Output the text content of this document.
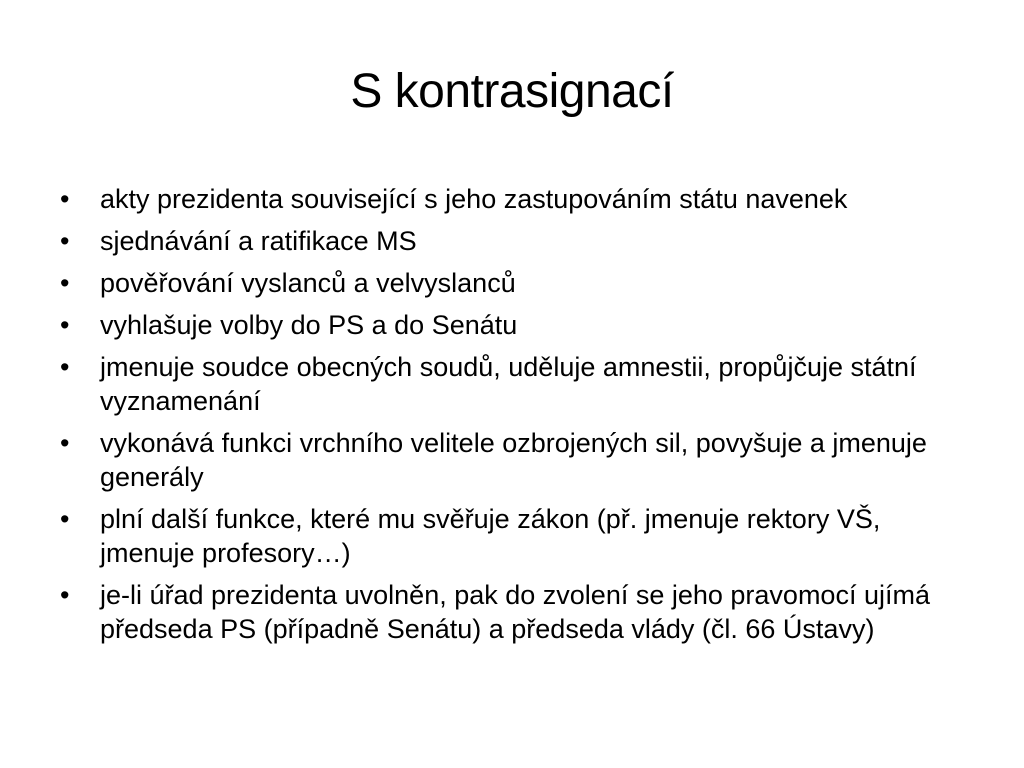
S kontrasignací
•	akty prezidenta související s jeho zastupováním státu navenek
•	sjednávání a ratifikace MS
•	pověřování vyslanců a velvyslanců
•	vyhlašuje volby do PS a do Senátu
•	jmenuje soudce obecných soudů, uděluje amnestii, propůjčuje státní vyznamenání
•	vykonává funkci vrchního velitele ozbrojených sil, povyšuje a jmenuje generály
•	plní další funkce, které mu svěřuje zákon (př. jmenuje rektory VŠ, jmenuje profesory…)
•	je-li úřad prezidenta uvolněn, pak do zvolení se jeho pravomocí ujímá předseda PS (případně Senátu) a předseda vlády (čl. 66 Ústavy)
